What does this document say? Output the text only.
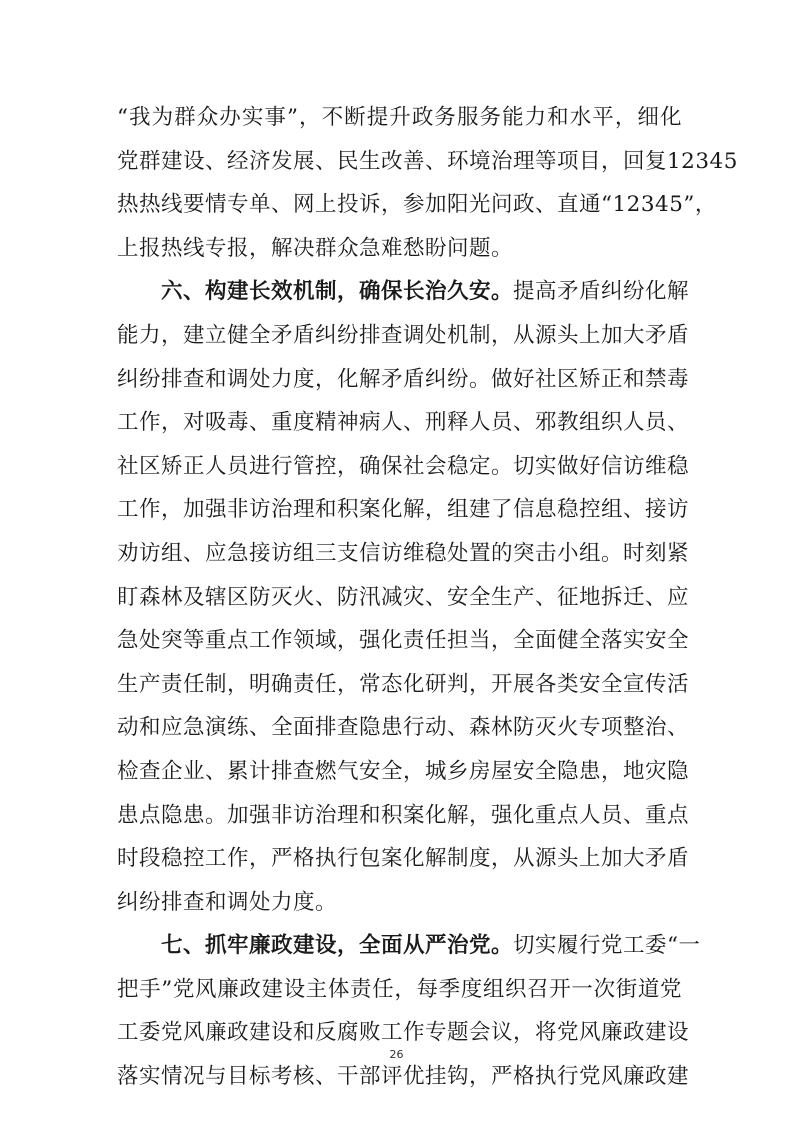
“我为群众办实事”，不断提升政务服务能力和水平，细化
党群建设、经济发展、民生改善、环境治理等项目，回复12345
热热线要情专单、网上投诉，参加阳光问政、直通“12345”，
上报热线专报，解决群众急难愁盼问题。
六、构建长效机制，确保长治久安。提高矛盾纠纷化解
能力，建立健全矛盾纠纷排查调处机制，从源头上加大矛盾
纠纷排查和调处力度，化解矛盾纠纷。做好社区矫正和禁毒
工作，对吸毒、重度精神病人、刑释人员、邪教组织人员、
社区矫正人员进行管控，确保社会稳定。切实做好信访维稳
工作，加强非访治理和积案化解，组建了信息稳控组、接访
劝访组、应急接访组三支信访维稳处置的突击小组。时刻紧
盯森林及辖区防灭火、防汛减灾、安全生产、征地拆迁、应
急处突等重点工作领域，强化责任担当，全面健全落实安全
生产责任制，明确责任，常态化研判，开展各类安全宣传活
动和应急演练、全面排查隐患行动、森林防灭火专项整治、
检查企业、累计排查燃气安全，城乡房屋安全隐患，地灾隐
患点隐患。加强非访治理和积案化解，强化重点人员、重点
时段稳控工作，严格执行包案化解制度，从源头上加大矛盾
纠纷排查和调处力度。
七、抓牢廉政建设，全面从严治党。切实履行党工委“一
把手”党风廉政建设主体责任，每季度组织召开一次街道党
工委党风廉政建设和反腐败工作专题会议，将党风廉政建设
落实情况与目标考核、干部评优挂钩，严格执行党风廉政建
26
